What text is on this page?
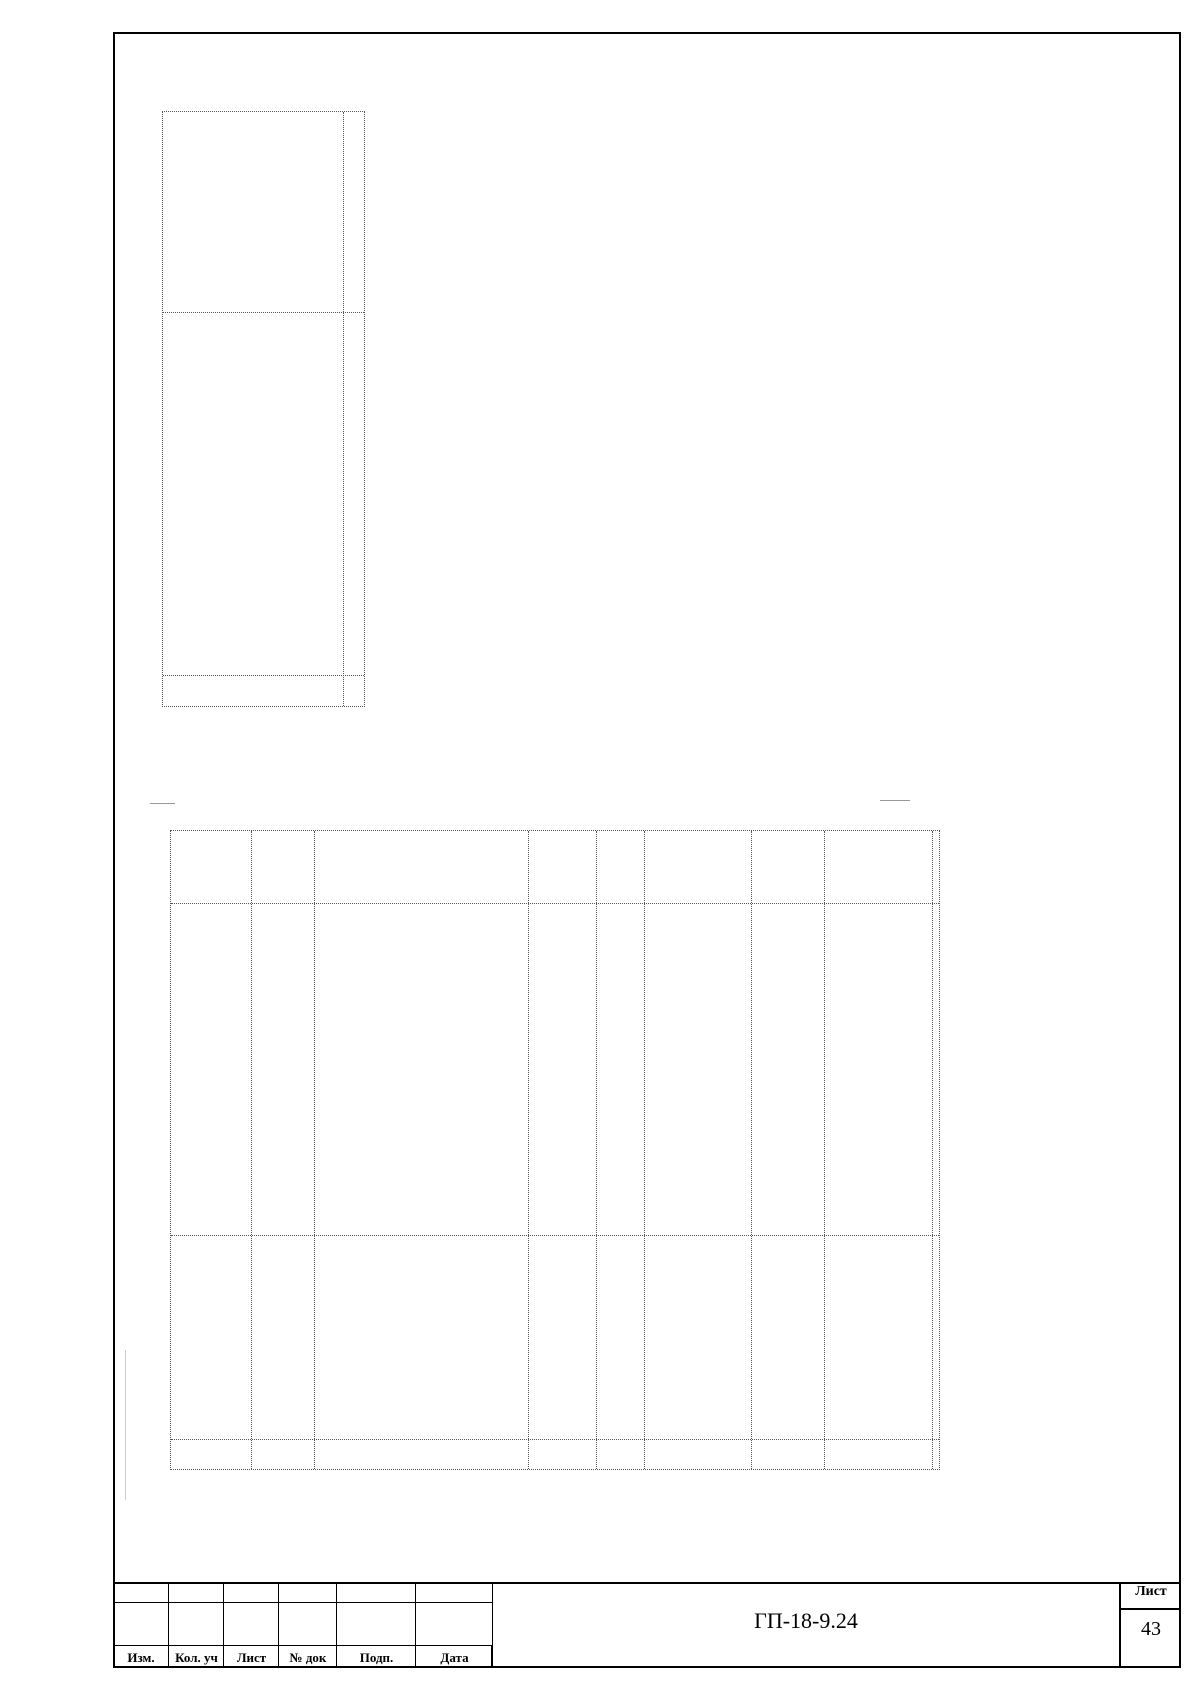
Изм.	Кол. уч	Лист	№ док	Подп.	Дата
ГП-18-9.24
Лист
43
